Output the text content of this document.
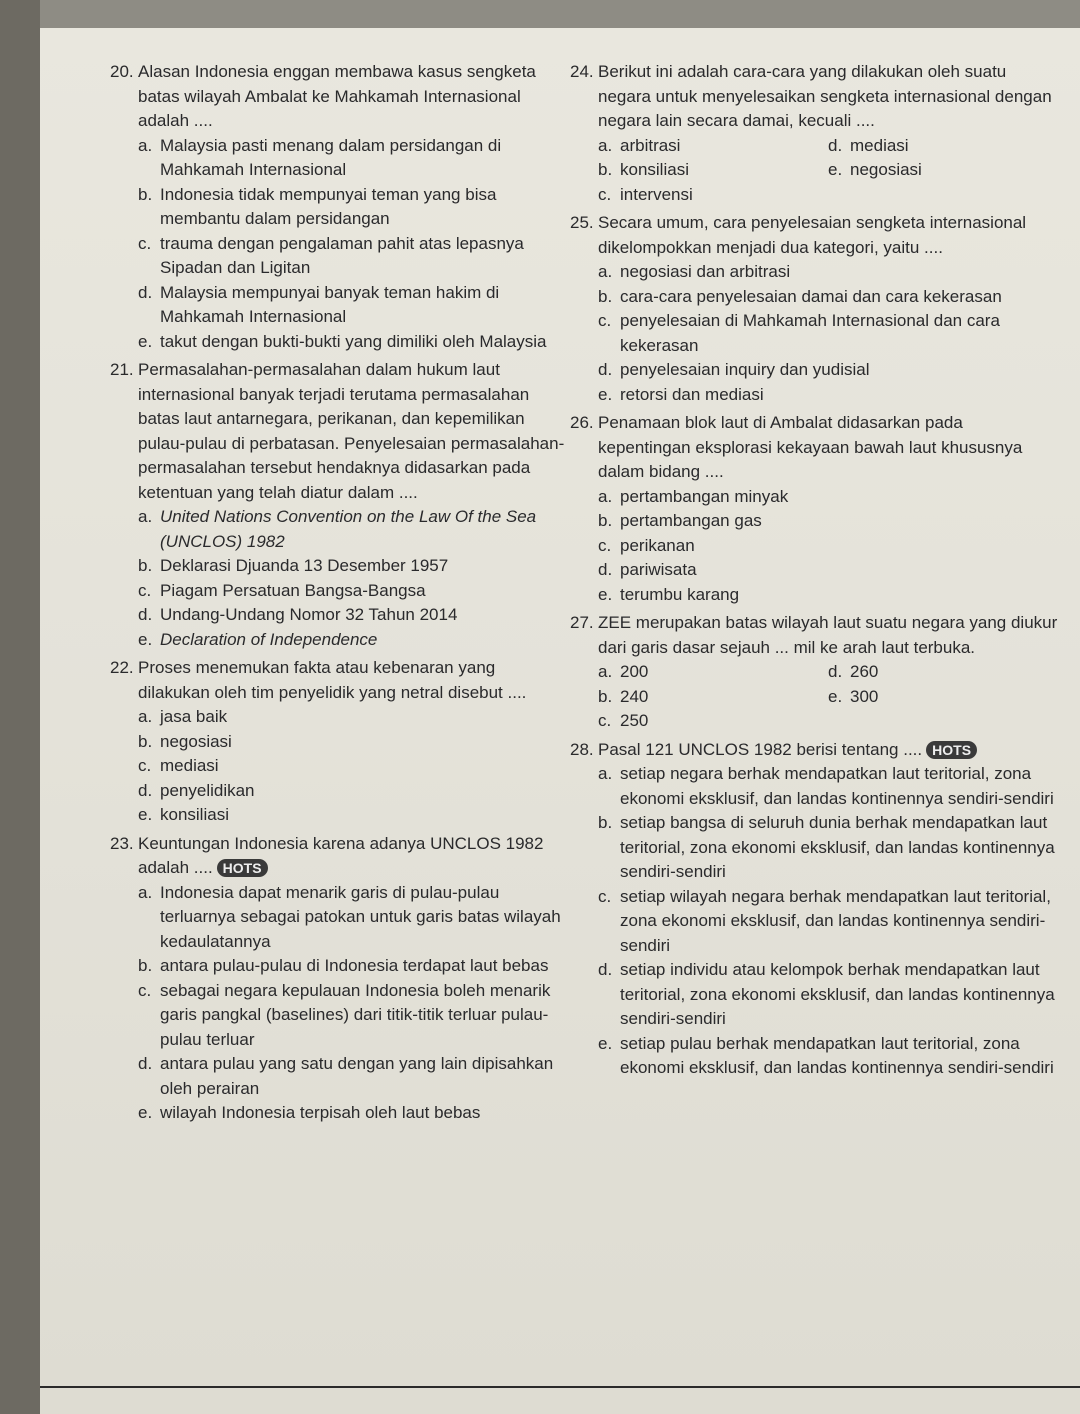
20. Alasan Indonesia enggan membawa kasus sengketa batas wilayah Ambalat ke Mahkamah Internasional adalah ....
a. Malaysia pasti menang dalam persidangan di Mahkamah Internasional
b. Indonesia tidak mempunyai teman yang bisa membantu dalam persidangan
c. trauma dengan pengalaman pahit atas lepasnya Sipadan dan Ligitan
d. Malaysia mempunyai banyak teman hakim di Mahkamah Internasional
e. takut dengan bukti-bukti yang dimiliki oleh Malaysia
21. Permasalahan-permasalahan dalam hukum laut internasional banyak terjadi terutama permasalahan batas laut antarnegara, perikanan, dan kepemilikan pulau-pulau di perbatasan. Penyelesaian permasalahan-permasalahan tersebut hendaknya didasarkan pada ketentuan yang telah diatur dalam ....
a. United Nations Convention on the Law Of the Sea (UNCLOS) 1982
b. Deklarasi Djuanda 13 Desember 1957
c. Piagam Persatuan Bangsa-Bangsa
d. Undang-Undang Nomor 32 Tahun 2014
e. Declaration of Independence
22. Proses menemukan fakta atau kebenaran yang dilakukan oleh tim penyelidik yang netral disebut ....
a. jasa baik
b. negosiasi
c. mediasi
d. penyelidikan
e. konsiliasi
23. Keuntungan Indonesia karena adanya UNCLOS 1982 adalah .... HOTS
a. Indonesia dapat menarik garis di pulau-pulau terluarnya sebagai patokan untuk garis batas wilayah kedaulatannya
b. antara pulau-pulau di Indonesia terdapat laut bebas
c. sebagai negara kepulauan Indonesia boleh menarik garis pangkal (baselines) dari titik-titik terluar pulau-pulau terluar
d. antara pulau yang satu dengan yang lain dipisahkan oleh perairan
e. wilayah Indonesia terpisah oleh laut bebas
24. Berikut ini adalah cara-cara yang dilakukan oleh suatu negara untuk menyelesaikan sengketa internasional dengan negara lain secara damai, kecuali ....
a. arbitrasi	d. mediasi
b. konsiliasi	e. negosiasi
c. intervensi
25. Secara umum, cara penyelesaian sengketa internasional dikelompokkan menjadi dua kategori, yaitu ....
a. negosiasi dan arbitrasi
b. cara-cara penyelesaian damai dan cara kekerasan
c. penyelesaian di Mahkamah Internasional dan cara kekerasan
d. penyelesaian inquiry dan yudisial
e. retorsi dan mediasi
26. Penamaan blok laut di Ambalat didasarkan pada kepentingan eksplorasi kekayaan bawah laut khususnya dalam bidang ....
a. pertambangan minyak
b. pertambangan gas
c. perikanan
d. pariwisata
e. terumbu karang
27. ZEE merupakan batas wilayah laut suatu negara yang diukur dari garis dasar sejauh ... mil ke arah laut terbuka.
a. 200	d. 260
b. 240	e. 300
c. 250
28. Pasal 121 UNCLOS 1982 berisi tentang .... HOTS
a. setiap negara berhak mendapatkan laut teritorial, zona ekonomi eksklusif, dan landas kontinennya sendiri-sendiri
b. setiap bangsa di seluruh dunia berhak mendapatkan laut teritorial, zona ekonomi eksklusif, dan landas kontinennya sendiri-sendiri
c. setiap wilayah negara berhak mendapatkan laut teritorial, zona ekonomi eksklusif, dan landas kontinennya sendiri-sendiri
d. setiap individu atau kelompok berhak mendapatkan laut teritorial, zona ekonomi eksklusif, dan landas kontinennya sendiri-sendiri
e. setiap pulau berhak mendapatkan laut teritorial, zona ekonomi eksklusif, dan landas kontinennya sendiri-sendiri
